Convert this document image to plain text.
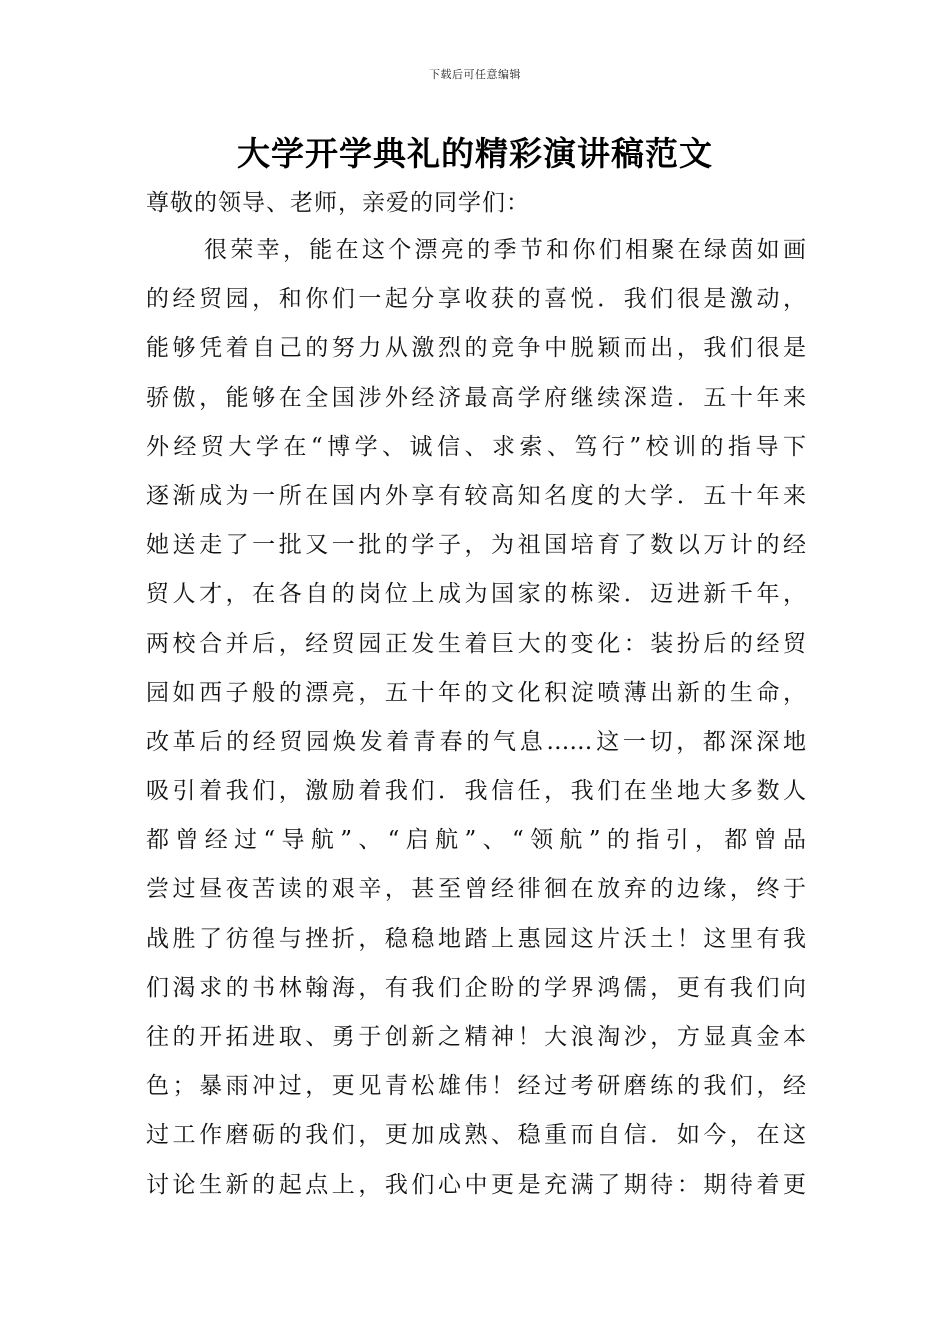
下载后可任意编辑
大学开学典礼的精彩演讲稿范文
尊敬的领导、老师，亲爱的同学们：
很荣幸，能在这个漂亮的季节和你们相聚在绿茵如画
的经贸园，和你们一起分享收获的喜悦．我们很是激动，
能够凭着自己的努力从激烈的竞争中脱颖而出，我们很是
骄傲，能够在全国涉外经济最高学府继续深造．五十年来
外经贸大学在“博学、诚信、求索、笃行”校训的指导下
逐渐成为一所在国内外享有较高知名度的大学．五十年来
她送走了一批又一批的学子，为祖国培育了数以万计的经
贸人才，在各自的岗位上成为国家的栋梁．迈进新千年，
两校合并后，经贸园正发生着巨大的变化：装扮后的经贸
园如西子般的漂亮，五十年的文化积淀喷薄出新的生命，
改革后的经贸园焕发着青春的气息……这一切，都深深地
吸引着我们，激励着我们．我信任，我们在坐地大多数人
都曾经过“导航”、“启航”、“领航”的指引，都曾品
尝过昼夜苦读的艰辛，甚至曾经徘徊在放弃的边缘，终于
战胜了彷徨与挫折，稳稳地踏上惠园这片沃土！这里有我
们渴求的书林翰海，有我们企盼的学界鸿儒，更有我们向
往的开拓进取、勇于创新之精神！大浪淘沙，方显真金本
色；暴雨冲过，更见青松雄伟！经过考研磨练的我们，经
过工作磨砺的我们，更加成熟、稳重而自信．如今，在这
讨论生新的起点上，我们心中更是充满了期待：期待着更
